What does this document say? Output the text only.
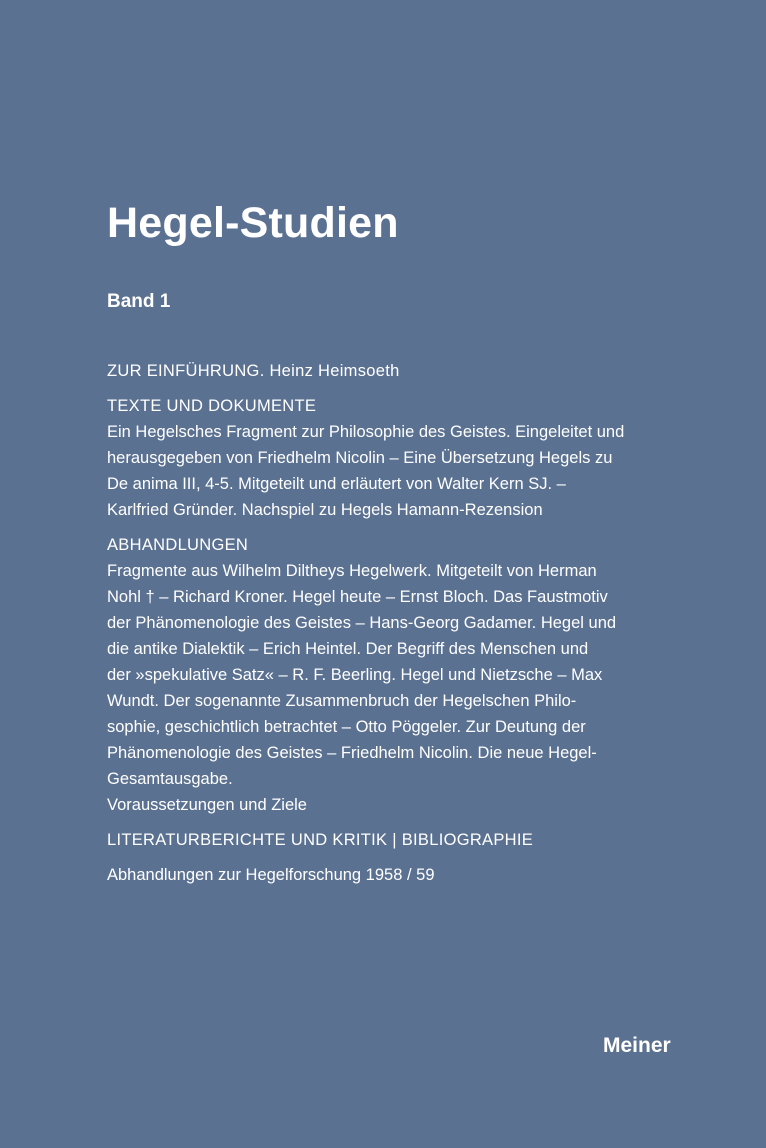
Hegel-Studien
Band 1
ZUR EINFÜHRUNG. Heinz Heimsoeth
TEXTE UND DOKUMENTE
Ein Hegelsches Fragment zur Philosophie des Geistes. Eingeleitet und
herausgegeben von Friedhelm Nicolin – Eine Übersetzung Hegels zu
De anima III, 4-5. Mitgeteilt und erläutert von Walter Kern SJ. –
Karlfried Gründer. Nachspiel zu Hegels Hamann-Rezension
ABHANDLUNGEN
Fragmente aus Wilhelm Diltheys Hegelwerk. Mitgeteilt von Herman
Nohl † – Richard Kroner. Hegel heute – Ernst Bloch. Das Faustmotiv
der Phänomenologie des Geistes – Hans-Georg Gadamer. Hegel und
die antike Dialektik – Erich Heintel. Der Begriff des Menschen und
der »spekulative Satz« – R. F. Beerling. Hegel und Nietzsche – Max
Wundt. Der sogenannte Zusammenbruch der Hegelschen Philo-
sophie, geschichtlich betrachtet – Otto Pöggeler. Zur Deutung der
Phänomenologie des Geistes – Friedhelm Nicolin. Die neue Hegel-
Gesamtausgabe.
Voraussetzungen und Ziele
LITERATURBERICHTE UND KRITIK | BIBLIOGRAPHIE
Abhandlungen zur Hegelforschung 1958 / 59
Meiner
